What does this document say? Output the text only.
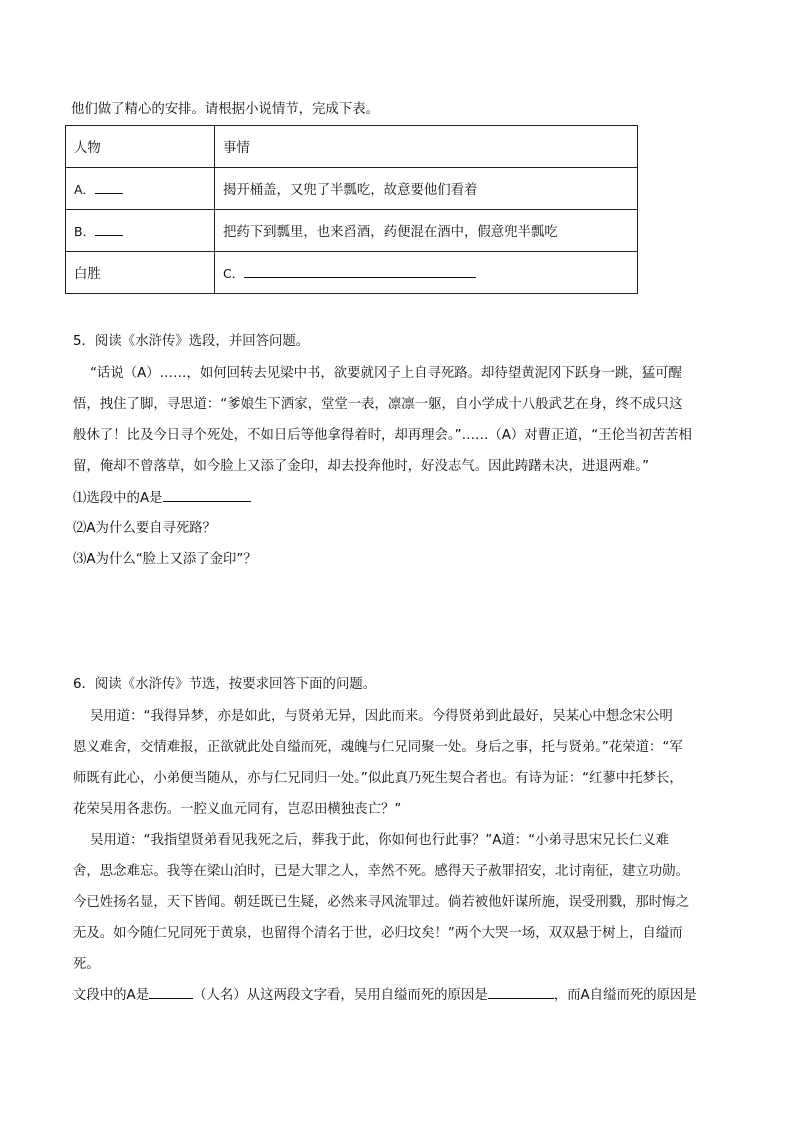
他们做了精心的安排。请根据小说情节，完成下表。
人物	事情
A．	揭开桶盖，又兜了半瓢吃，故意要他们看着
B．	把药下到瓢里，也来舀酒，药便混在酒中，假意兜半瓢吃
白胜	C．
5．阅读《水浒传》选段，并回答问题。
“话说（A）……，如何回转去见梁中书，欲要就冈子上自寻死路。却待望黄泥冈下跃身一跳，猛可醒
悟，拽住了脚，寻思道：“爹娘生下洒家，堂堂一表，凛凛一躯，自小学成十八般武艺在身，终不成只这
般休了！比及今日寻个死处，不如日后等他拿得着时，却再理会。”……（A）对曹正道，“王伦当初苦苦相
留，俺却不曾落草，如今脸上又添了金印，却去投奔他时，好没志气。因此踌躇未决，进退两难。”
⑴选段中的A是
⑵A为什么要自寻死路？
⑶A为什么“脸上又添了金印”？
6．阅读《水浒传》节选，按要求回答下面的问题。
吴用道：“我得异梦，亦是如此，与贤弟无异，因此而来。今得贤弟到此最好，吴某心中想念宋公明
恩义难舍，交情难报，正欲就此处自缢而死，魂魄与仁兄同聚一处。身后之事，托与贤弟。”花荣道：“军
师既有此心，小弟便当随从，亦与仁兄同归一处。”似此真乃死生契合者也。有诗为证：“红蓼中托梦长，
花荣吴用各悲伤。一腔义血元同有，岂忍田横独丧亡？”
吴用道：“我指望贤弟看见我死之后，葬我于此，你如何也行此事？”A道：“小弟寻思宋兄长仁义难
舍，思念难忘。我等在梁山泊时，已是大罪之人，幸然不死。感得天子赦罪招安，北讨南征，建立功勋。
今已姓扬名显，天下皆闻。朝廷既已生疑，必然来寻风流罪过。倘若被他奸谋所施，误受刑戮，那时悔之
无及。如今随仁兄同死于黄泉，也留得个清名于世，必归坟矣！”两个大哭一场，双双悬于树上，自缢而
死。
文段中的A是	（人名）从这两段文字看，吴用自缢而死的原因是	，而A自缢而死的原因是
